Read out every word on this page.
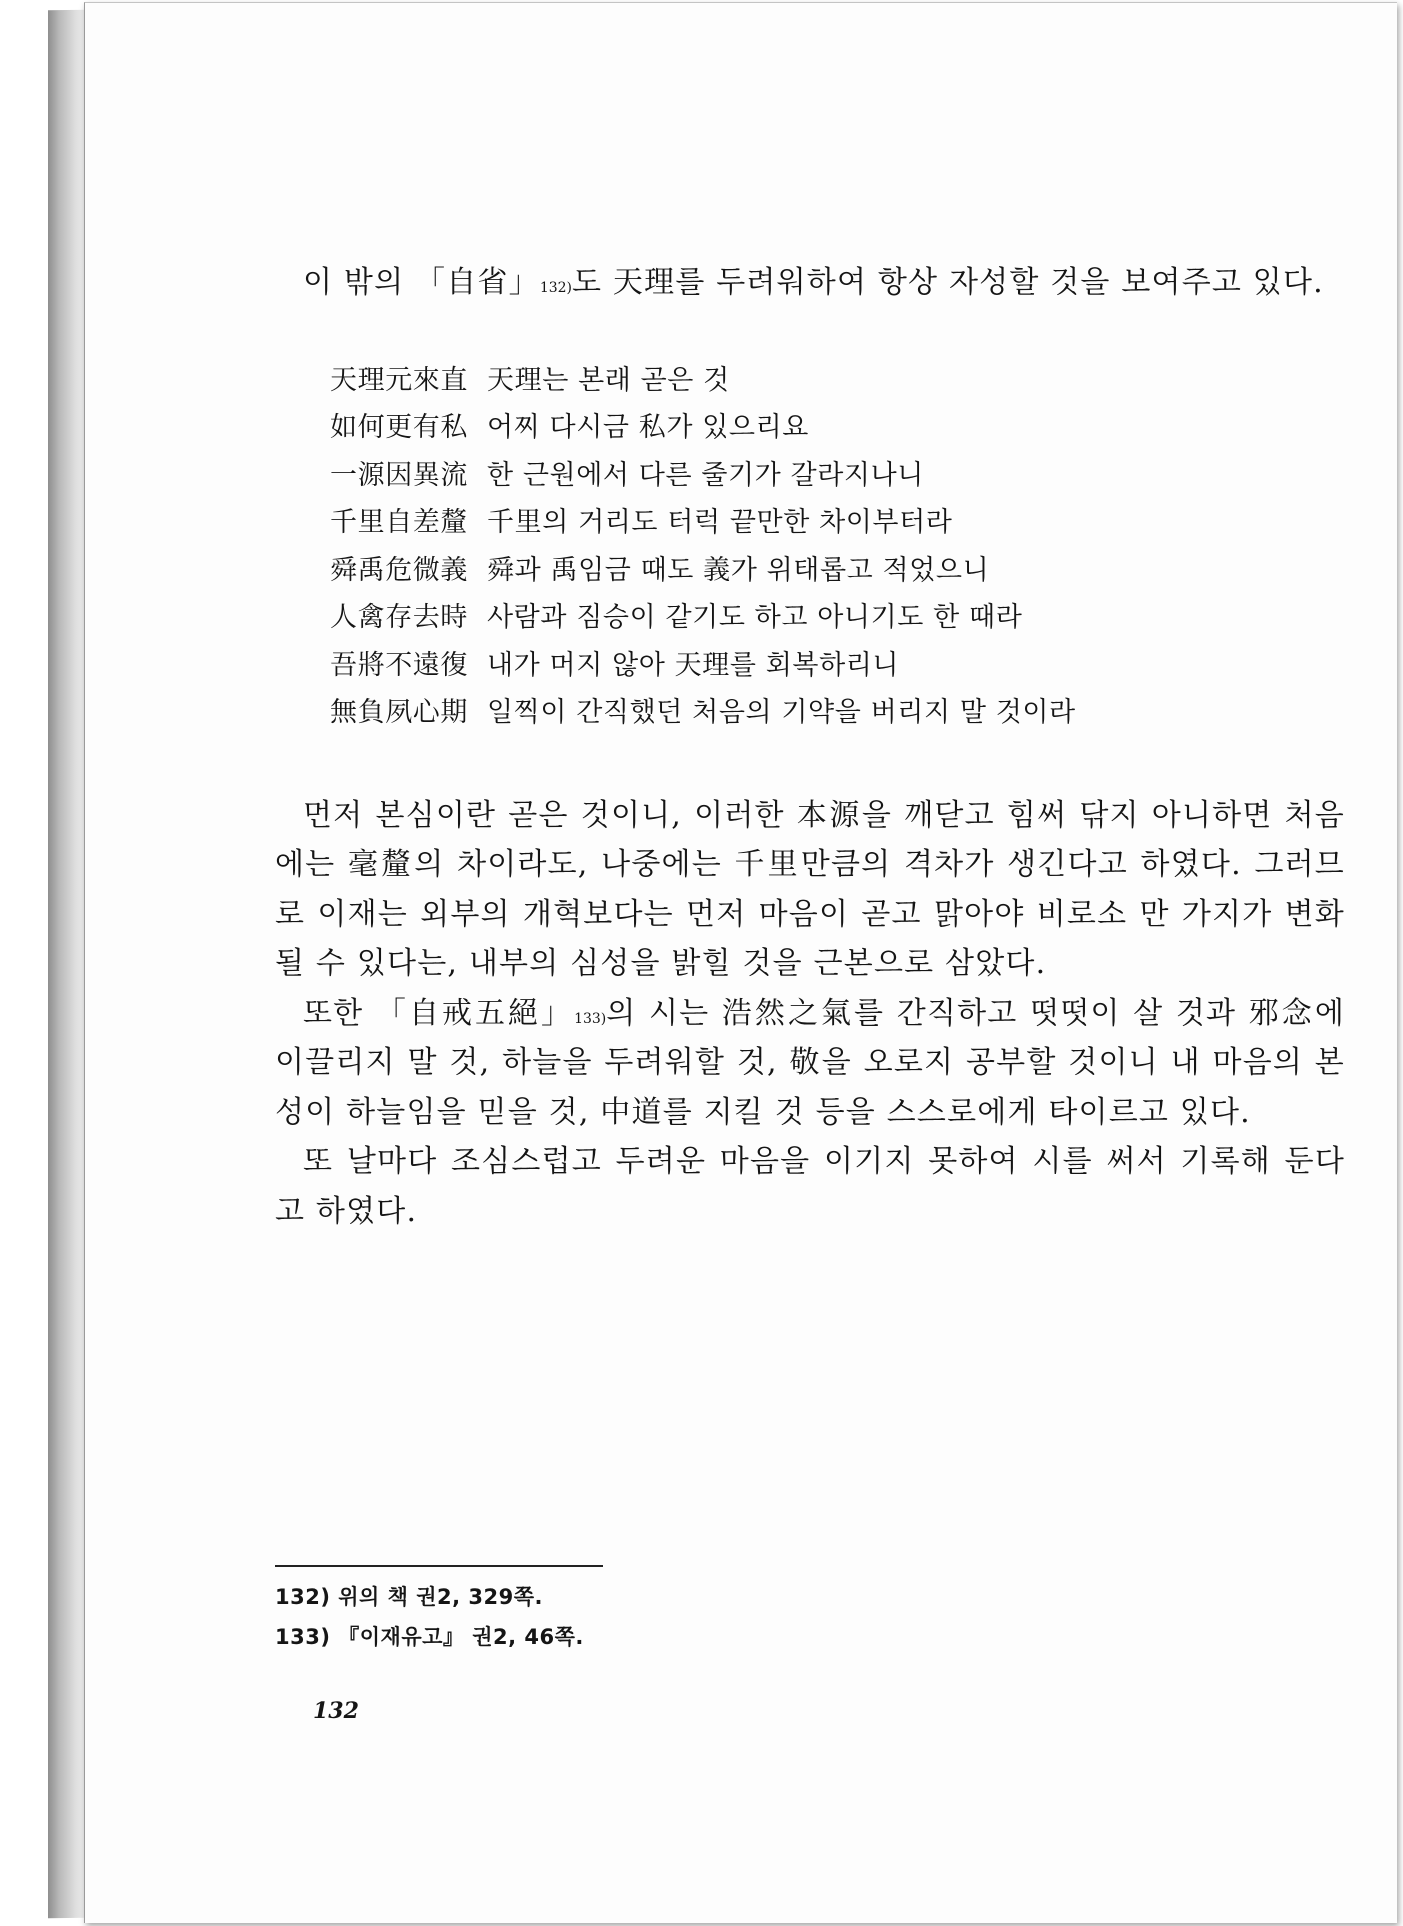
이 밖의 「自省」$^{132)}$도 天理를 두려워하여 항상 자성할 것을 보여주고 있다.

天理元來直 天理는 본래 곧은 것
如何更有私 어찌 다시금 私가 있으리요
一源因異流 한 근원에서 다른 줄기가 갈라지나니
千里自差釐 千里의 거리도 터럭 끝만한 차이부터라
舜禹危微義 舜과 禹임금 때도 義가 위태롭고 적었으니
人禽存去時 사람과 짐승이 같기도 하고 아니기도 한 때라
吾將不遠復 내가 머지 않아 天理를 회복하리니
無負夙心期 일찍이 간직했던 처음의 기약을 버리지 말 것이라

먼저 본심이란 곧은 것이니, 이러한 本源을 깨닫고 힘써 닦지 아니하면 처음에는 毫釐의 차이라도, 나중에는 千里만큼의 격차가 생긴다고 하였다. 그러므로 이재는 외부의 개혁보다는 먼저 마음이 곧고 맑아야 비로소 만 가지가 변화될 수 있다는, 내부의 심성을 밝힐 것을 근본으로 삼았다.

또한 「自戒五絕」$^{133)}$의 시는 浩然之氣를 간직하고 떳떳이 살 것과 邪念에 이끌리지 말 것, 하늘을 두려워할 것, 敬을 오로지 공부할 것이니 내 마음의 본성이 하늘임을 믿을 것, 中道를 지킬 것 등을 스스로에게 타이르고 있다.

또 날마다 조심스럽고 두려운 마음을 이기지 못하여 시를 써서 기록해 둔다고 하였다.

132) 위의 책 권2, 329쪽.
133) 『이재유고』 권2, 46쪽.
132
